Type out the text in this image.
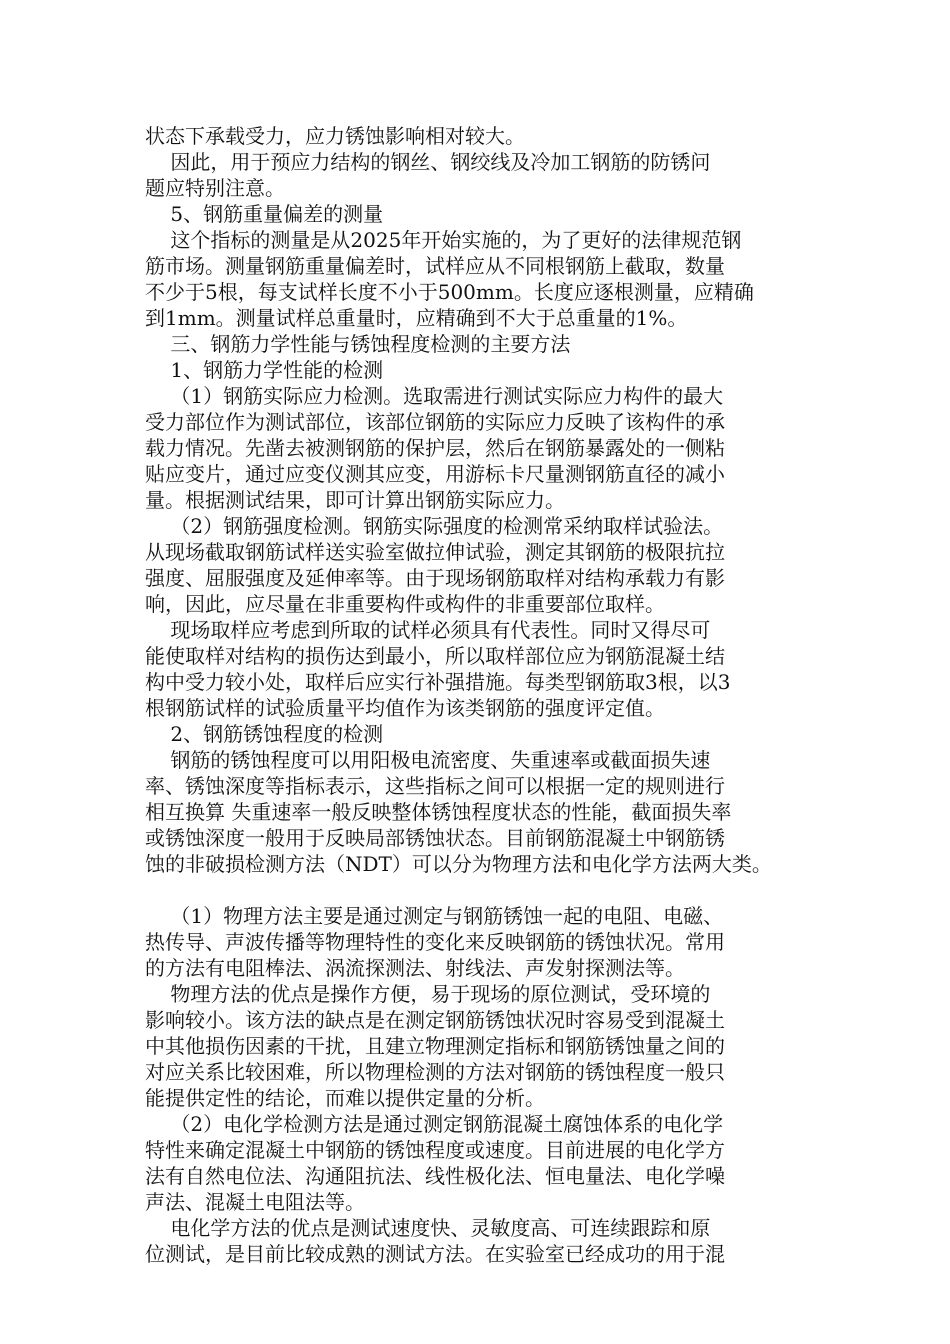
状态下承载受力，应力锈蚀影响相对较大。
因此，用于预应力结构的钢丝、钢绞线及冷加工钢筋的防锈问
题应特别注意。
5、钢筋重量偏差的测量
这个指标的测量是从2025年开始实施的，为了更好的法律规范钢
筋市场。测量钢筋重量偏差时，试样应从不同根钢筋上截取，数量
不少于5根，每支试样长度不小于500mm。长度应逐根测量，应精确
到1mm。测量试样总重量时，应精确到不大于总重量的1%。
三、钢筋力学性能与锈蚀程度检测的主要方法
1、钢筋力学性能的检测
（1）钢筋实际应力检测。选取需进行测试实际应力构件的最大
受力部位作为测试部位，该部位钢筋的实际应力反映了该构件的承
载力情况。先凿去被测钢筋的保护层，然后在钢筋暴露处的一侧粘
贴应变片，通过应变仪测其应变，用游标卡尺量测钢筋直径的减小
量。根据测试结果，即可计算出钢筋实际应力。
（2）钢筋强度检测。钢筋实际强度的检测常采纳取样试验法。
从现场截取钢筋试样送实验室做拉伸试验，测定其钢筋的极限抗拉
强度、屈服强度及延伸率等。由于现场钢筋取样对结构承载力有影
响，因此，应尽量在非重要构件或构件的非重要部位取样。
现场取样应考虑到所取的试样必须具有代表性。同时又得尽可
能使取样对结构的损伤达到最小，所以取样部位应为钢筋混凝土结
构中受力较小处，取样后应实行补强措施。每类型钢筋取3根，以3
根钢筋试样的试验质量平均值作为该类钢筋的强度评定值。
2、钢筋锈蚀程度的检测
钢筋的锈蚀程度可以用阳极电流密度、失重速率或截面损失速
率、锈蚀深度等指标表示，这些指标之间可以根据一定的规则进行
相互换算 失重速率一般反映整体锈蚀程度状态的性能，截面损失率
或锈蚀深度一般用于反映局部锈蚀状态。目前钢筋混凝土中钢筋锈
蚀的非破损检测方法（NDT）可以分为物理方法和电化学方法两大类。
（1）物理方法主要是通过测定与钢筋锈蚀一起的电阻、电磁、
热传导、声波传播等物理特性的变化来反映钢筋的锈蚀状况。常用
的方法有电阻棒法、涡流探测法、射线法、声发射探测法等。
物理方法的优点是操作方便，易于现场的原位测试，受环境的
影响较小。该方法的缺点是在测定钢筋锈蚀状况时容易受到混凝土
中其他损伤因素的干扰，且建立物理测定指标和钢筋锈蚀量之间的
对应关系比较困难，所以物理检测的方法对钢筋的锈蚀程度一般只
能提供定性的结论，而难以提供定量的分析。
（2）电化学检测方法是通过测定钢筋混凝土腐蚀体系的电化学
特性来确定混凝土中钢筋的锈蚀程度或速度。目前进展的电化学方
法有自然电位法、沟通阻抗法、线性极化法、恒电量法、电化学噪
声法、混凝土电阻法等。
电化学方法的优点是测试速度快、灵敏度高、可连续跟踪和原
位测试，是目前比较成熟的测试方法。在实验室已经成功的用于混
